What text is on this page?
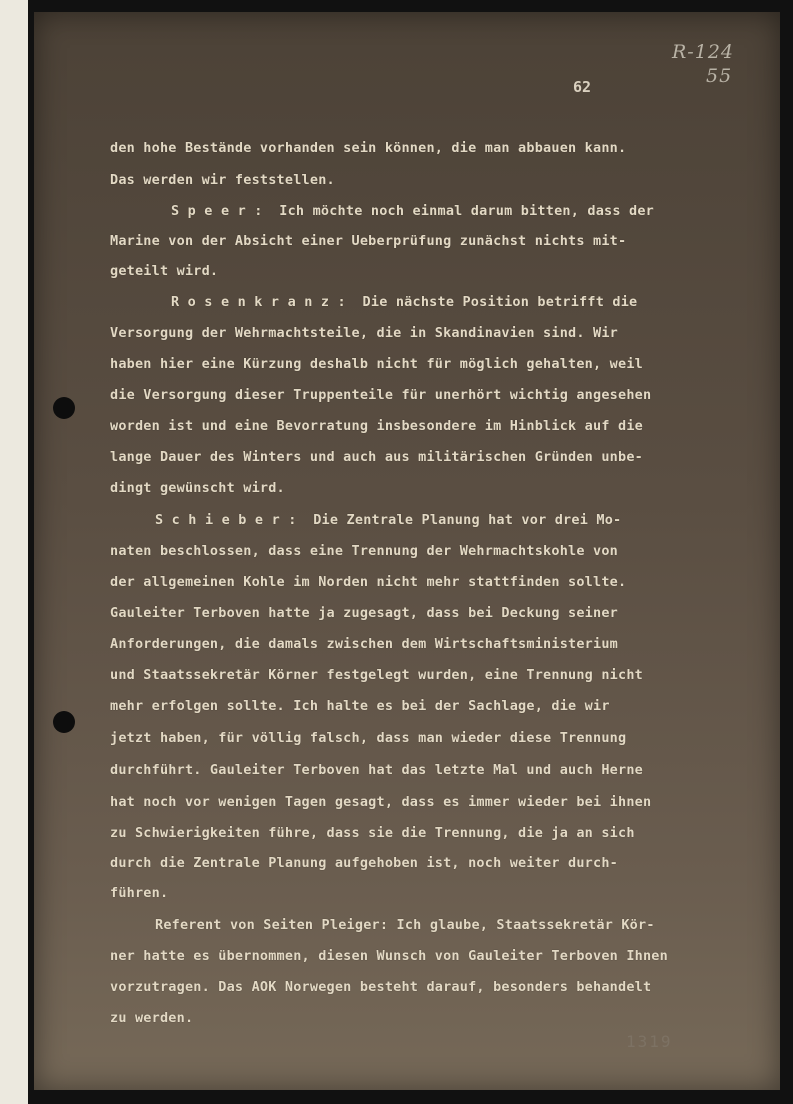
R-124
55
62
den hohe Bestände vorhanden sein können, die man abbauen kann.
Das werden wir feststellen.
S p e e r :  Ich möchte noch einmal darum bitten, dass der
Marine von der Absicht einer Ueberprüfung zunächst nichts mit-
geteilt wird.
R o s e n k r a n z :  Die nächste Position betrifft die
Versorgung der Wehrmachtsteile, die in Skandinavien sind. Wir
haben hier eine Kürzung deshalb nicht für möglich gehalten, weil
die Versorgung dieser Truppenteile für unerhört wichtig angesehen
worden ist und eine Bevorratung insbesondere im Hinblick auf die
lange Dauer des Winters und auch aus militärischen Gründen unbe-
dingt gewünscht wird.
S c h i e b e r :  Die Zentrale Planung hat vor drei Mo-
naten beschlossen, dass eine Trennung der Wehrmachtskohle von
der allgemeinen Kohle im Norden nicht mehr stattfinden sollte.
Gauleiter Terboven hatte ja zugesagt, dass bei Deckung seiner
Anforderungen, die damals zwischen dem Wirtschaftsministerium
und Staatssekretär Körner festgelegt wurden, eine Trennung nicht
mehr erfolgen sollte. Ich halte es bei der Sachlage, die wir
jetzt haben, für völlig falsch, dass man wieder diese Trennung
durchführt. Gauleiter Terboven hat das letzte Mal und auch Herne
hat noch vor wenigen Tagen gesagt, dass es immer wieder bei ihnen
zu Schwierigkeiten führe, dass sie die Trennung, die ja an sich
durch die Zentrale Planung aufgehoben ist, noch weiter durch-
führen.
Referent von Seiten Pleiger: Ich glaube, Staatssekretär Kör-
ner hatte es übernommen, diesen Wunsch von Gauleiter Terboven Ihnen
vorzutragen. Das AOK Norwegen besteht darauf, besonders behandelt
zu werden.
1319
